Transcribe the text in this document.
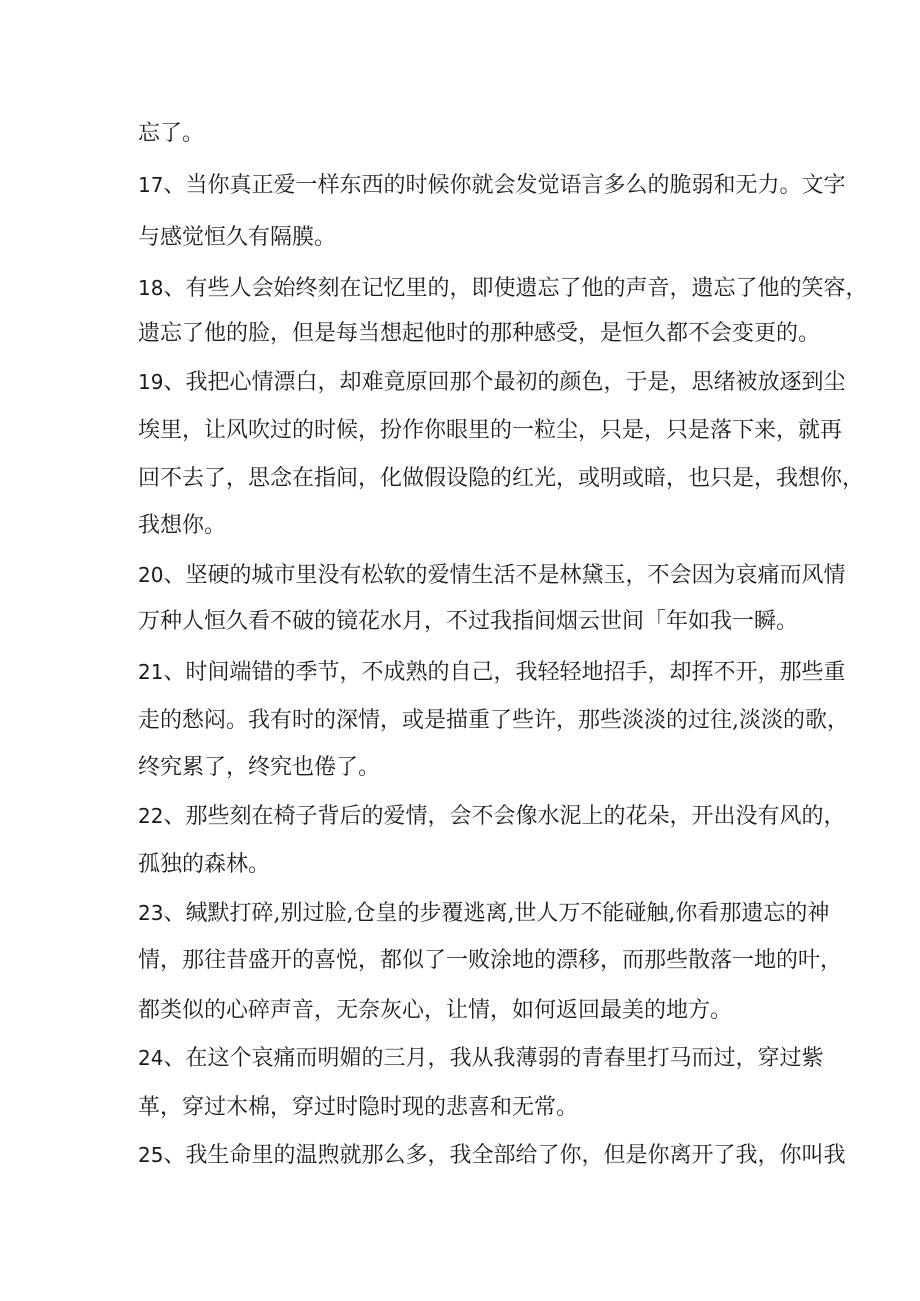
忘了。

17、当你真正爱一样东西的时候你就会发觉语言多么的脆弱和无力。文字

与感觉恒久有隔膜。

18、有些人会始终刻在记忆里的，即使遗忘了他的声音，遗忘了他的笑容，

遗忘了他的脸，但是每当想起他时的那种感受，是恒久都不会变更的。

19、我把心情漂白，却难竟原回那个最初的颜色，于是，思绪被放逐到尘

埃里，让风吹过的时候，扮作你眼里的一粒尘，只是，只是落下来，就再

回不去了，思念在指间，化做假设隐的红光，或明或暗，也只是，我想你，

我想你。

20、坚硬的城市里没有松软的爱情生活不是林黛玉，不会因为哀痛而风情

万种人恒久看不破的镜花水月，不过我指间烟云世间「年如我一瞬。

21、时间端错的季节，不成熟的自己，我轻轻地招手，却挥不开，那些重

走的愁闷。我有时的深情，或是描重了些许，那些淡淡的过往,淡淡的歌，

终究累了，终究也倦了。

22、那些刻在椅子背后的爱情，会不会像水泥上的花朵，开出没有风的，

孤独的森林。

23、缄默打碎,别过脸,仓皇的步覆逃离,世人万不能碰触,你看那遗忘的神

情，那往昔盛开的喜悦，都似了一败涂地的漂移，而那些散落一地的叶，

都类似的心碎声音，无奈灰心，让情，如何返回最美的地方。

24、在这个哀痛而明媚的三月，我从我薄弱的青春里打马而过，穿过紫

革，穿过木棉，穿过时隐时现的悲喜和无常。

25、我生命里的温煦就那么多，我全部给了你，但是你离开了我，你叫我
